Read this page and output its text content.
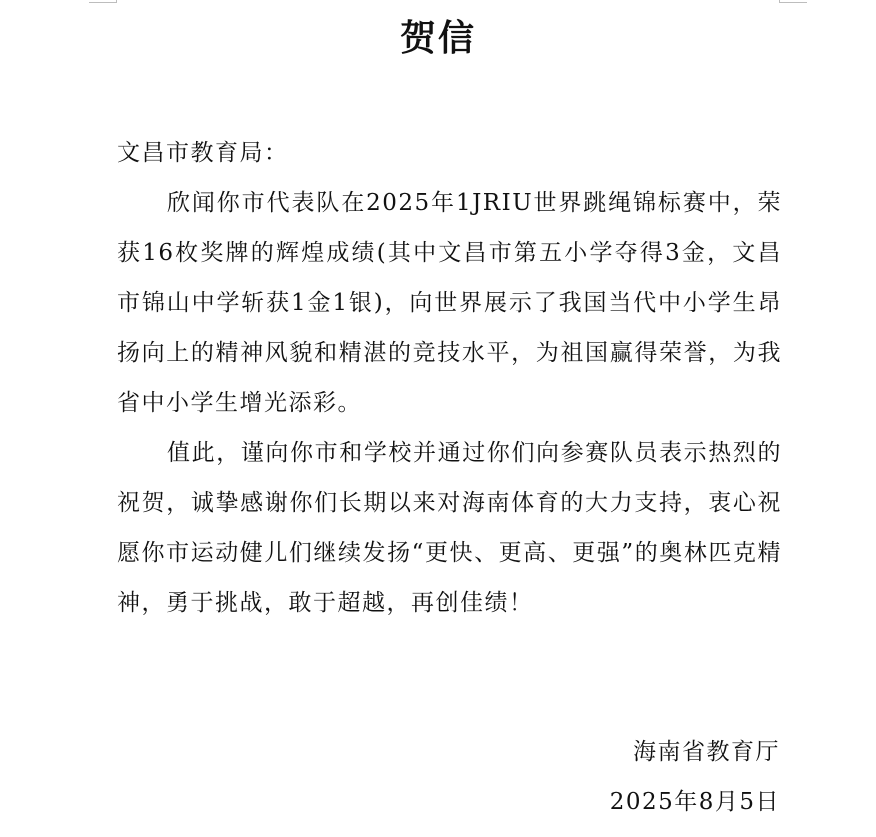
贺信
文昌市教育局：
欣闻你市代表队在2025年1JRIU世界跳绳锦标赛中，荣获16枚奖牌的辉煌成绩(其中文昌市第五小学夺得3金，文昌市锦山中学斩获1金1银)，向世界展示了我国当代中小学生昂扬向上的精神风貌和精湛的竞技水平，为祖国赢得荣誉，为我省中小学生增光添彩。
值此，谨向你市和学校并通过你们向参赛队员表示热烈的祝贺，诚挚感谢你们长期以来对海南体育的大力支持，衷心祝愿你市运动健儿们继续发扬“更快、更高、更强”的奥林匹克精神，勇于挑战，敢于超越，再创佳绩！
海南省教育厅
2025年8月5日
